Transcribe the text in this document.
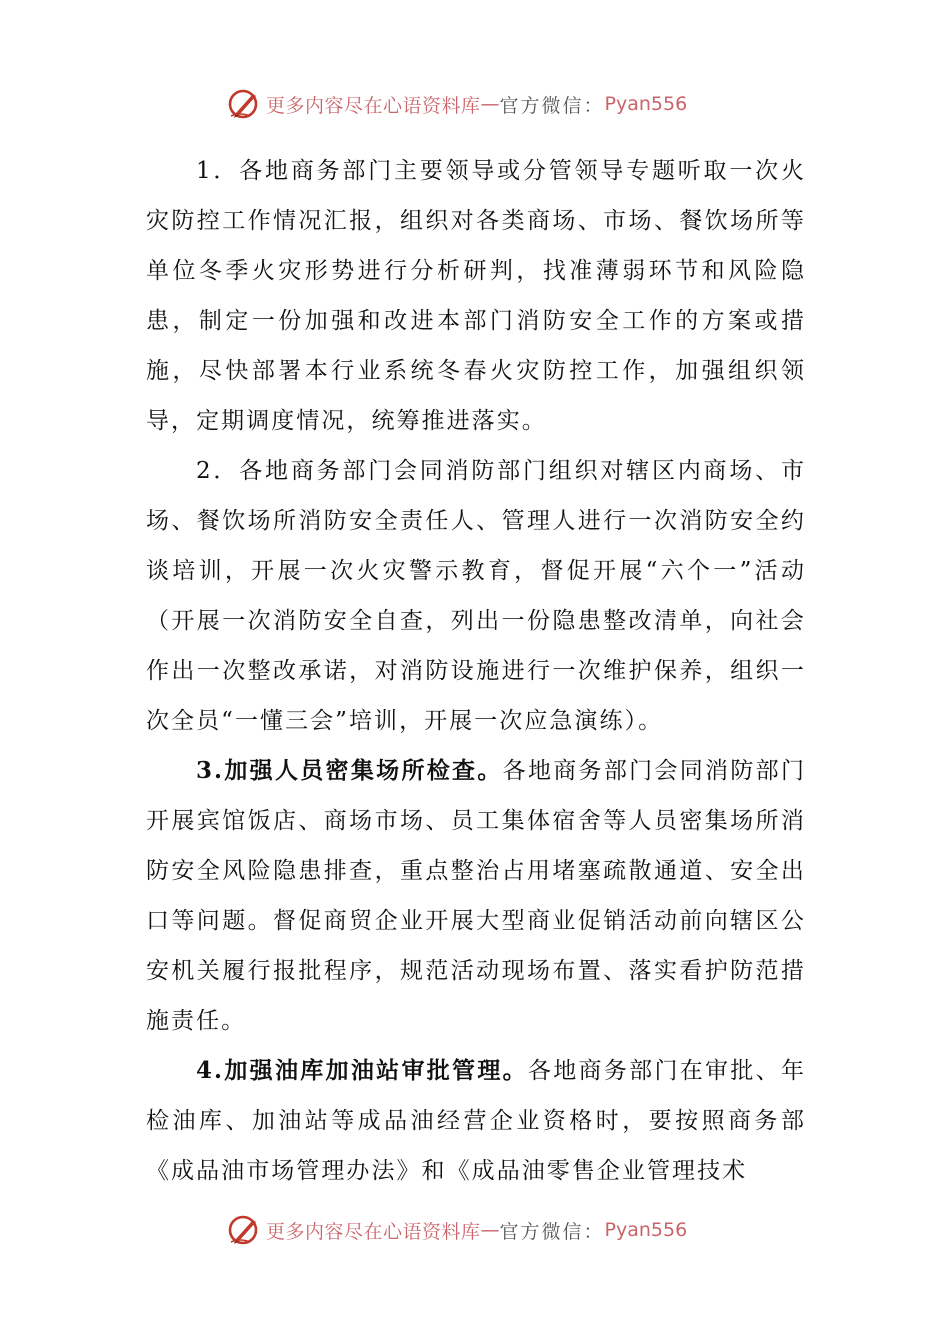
更多内容尽在心语资料库 — 官方微信： Pyan556

1．各地商务部门主要领导或分管领导专题听取一次火灾防控工作情况汇报，组织对各类商场、市场、餐饮场所等单位冬季火灾形势进行分析研判，找准薄弱环节和风险隐患，制定一份加强和改进本部门消防安全工作的方案或措施，尽快部署本行业系统冬春火灾防控工作，加强组织领导，定期调度情况，统筹推进落实。

2．各地商务部门会同消防部门组织对辖区内商场、市场、餐饮场所消防安全责任人、管理人进行一次消防安全约谈培训，开展一次火灾警示教育，督促开展“六个一”活动（开展一次消防安全自查，列出一份隐患整改清单，向社会作出一次整改承诺，对消防设施进行一次维护保养，组织一次全员“一懂三会”培训，开展一次应急演练）。

3.加强人员密集场所检查。各地商务部门会同消防部门开展宾馆饭店、商场市场、员工集体宿舍等人员密集场所消防安全风险隐患排查，重点整治占用堵塞疏散通道、安全出口等问题。督促商贸企业开展大型商业促销活动前向辖区公安机关履行报批程序，规范活动现场布置、落实看护防范措施责任。

4.加强油库加油站审批管理。各地商务部门在审批、年检油库、加油站等成品油经营企业资格时，要按照商务部《成品油市场管理办法》和《成品油零售企业管理技术

更多内容尽在心语资料库 — 官方微信： Pyan556
